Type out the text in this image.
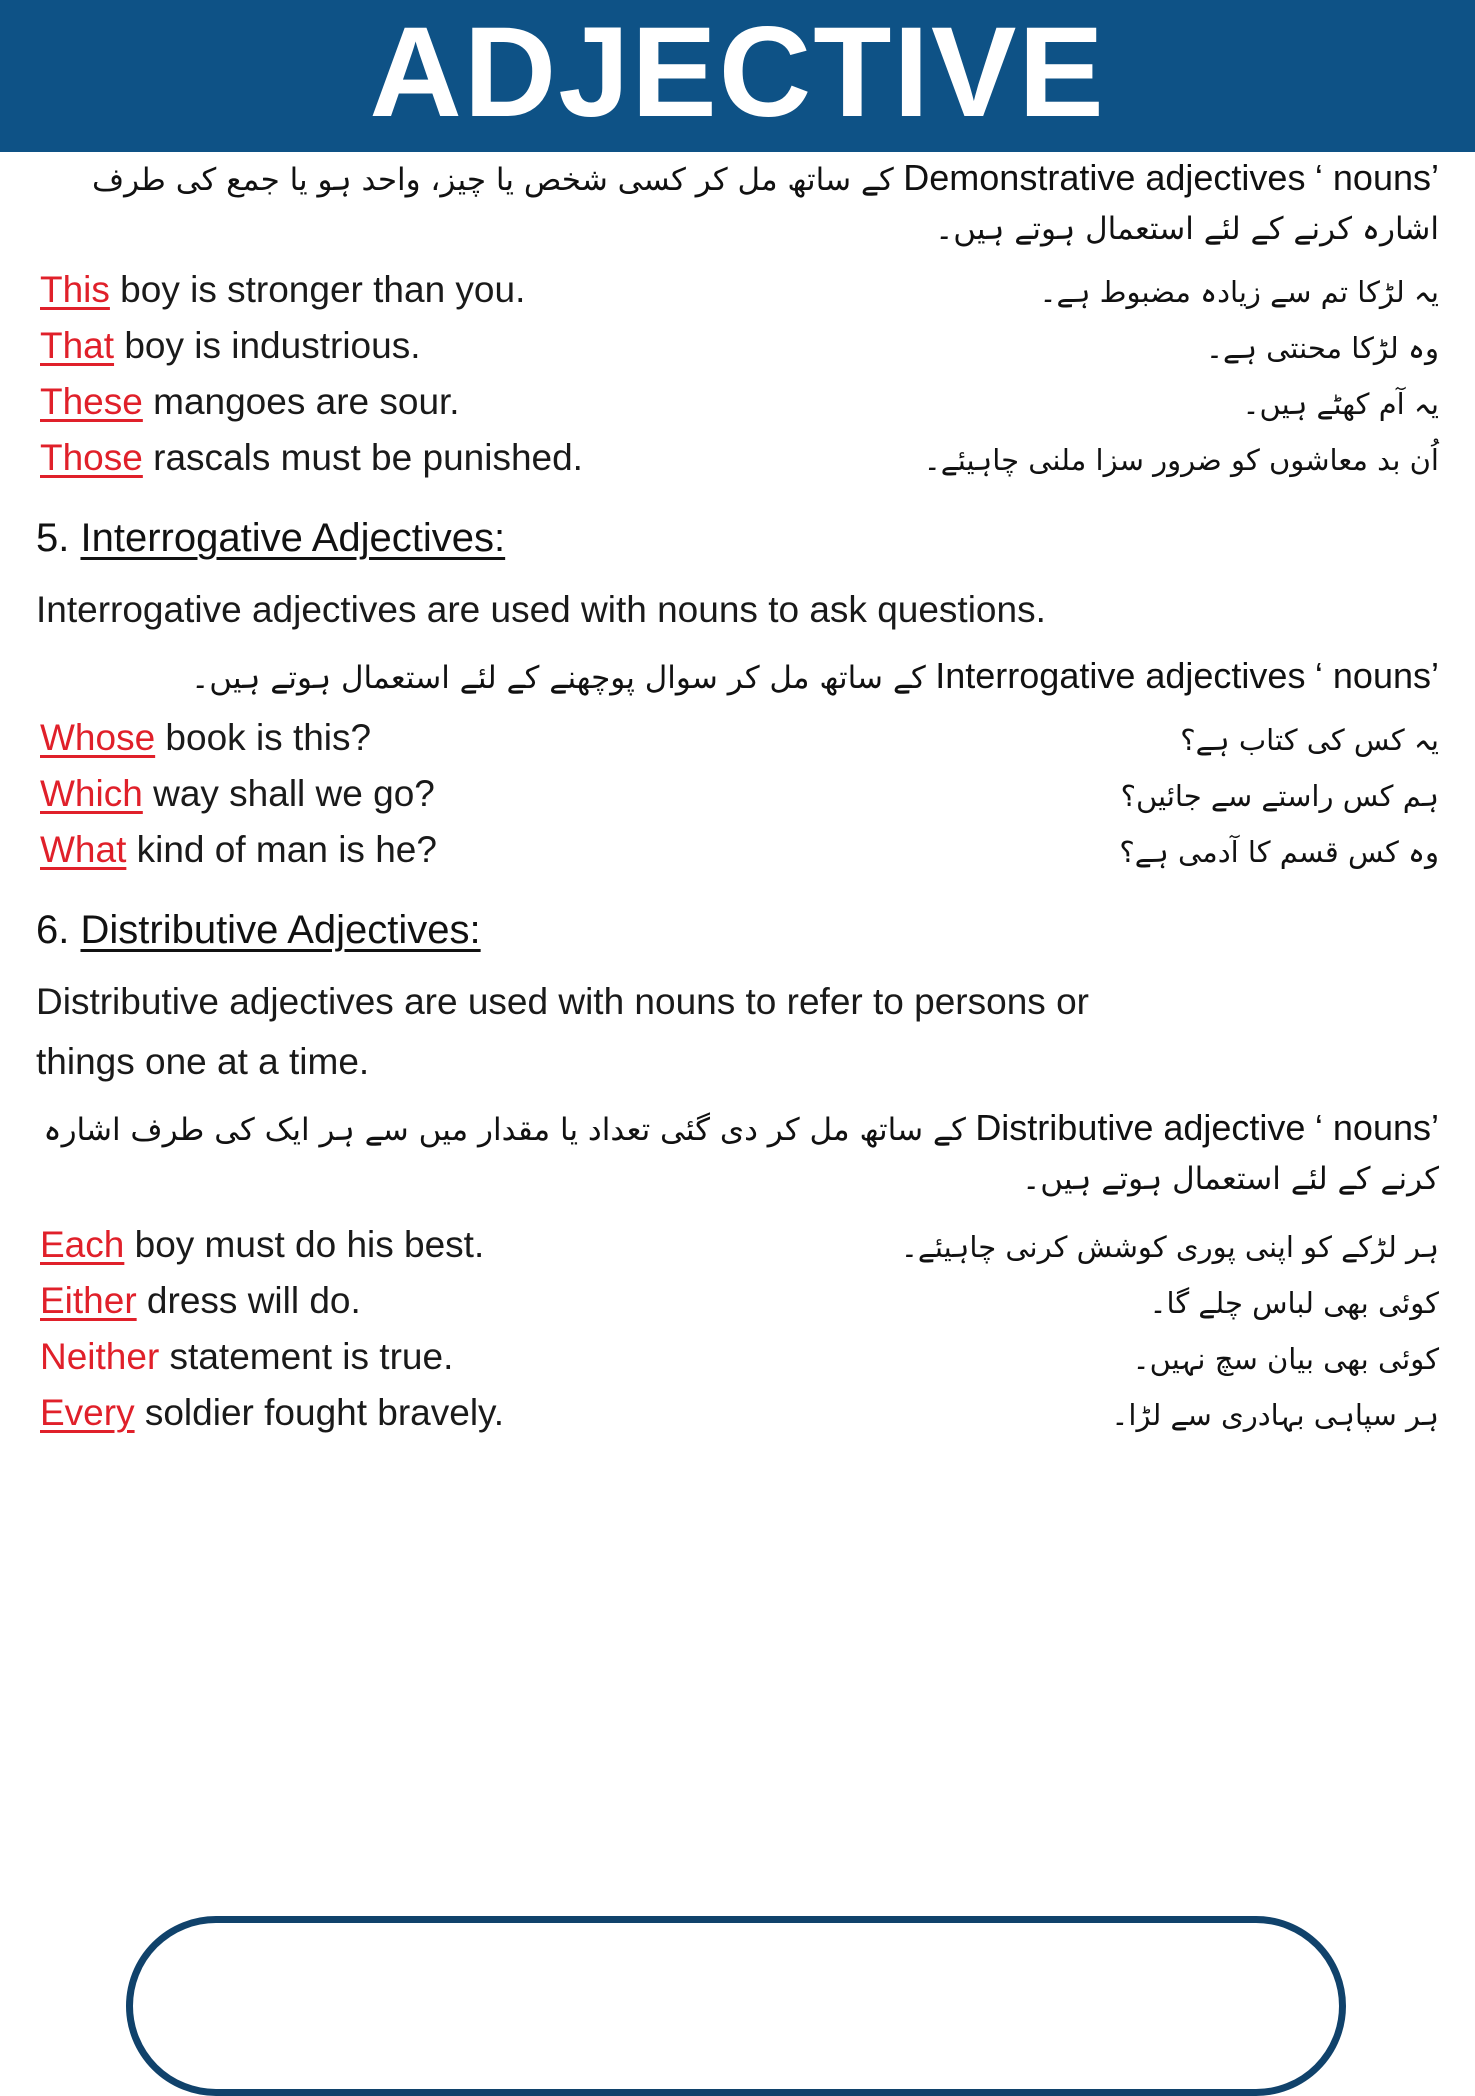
ADJECTIVE
Demonstrative adjectives ‘ nouns’ کے ساتھ مل کر کسی شخص یا چیز، واحد ہو یا جمع کی طرف
اشارہ کرنے کے لئے استعمال ہوتے ہیں۔
This boy is stronger than you.	یہ لڑکا تم سے زیادہ مضبوط ہے۔
That boy is industrious.	وہ لڑکا محنتی ہے۔
These mangoes are sour.	یہ آم کھٹے ہیں۔
Those rascals must be punished.	اُن بد معاشوں کو ضرور سزا ملنی چاہیئے۔
5. Interrogative Adjectives:
Interrogative adjectives are used with nouns to ask questions.
Interrogative adjectives ‘ nouns’ کے ساتھ مل کر سوال پوچھنے کے لئے استعمال ہوتے ہیں۔
Whose book is this?	یہ کس کی کتاب ہے؟
Which way shall we go?	ہم کس راستے سے جائیں؟
What kind of man is he?	وہ کس قسم کا آدمی ہے؟
6. Distributive Adjectives:
Distributive adjectives are used with nouns to refer to persons or things one at a time.
Distributive adjective ‘ nouns’ کے ساتھ مل کر دی گئی تعداد یا مقدار میں سے ہر ایک کی طرف اشارہ
کرنے کے لئے استعمال ہوتے ہیں۔
Each boy must do his best.	ہر لڑکے کو اپنی پوری کوشش کرنی چاہیئے۔
Either dress will do.	کوئی بھی لباس چلے گا۔
Neither statement is true.	کوئی بھی بیان سچ نہیں۔
Every soldier fought bravely.	ہر سپاہی بہادری سے لڑا۔
